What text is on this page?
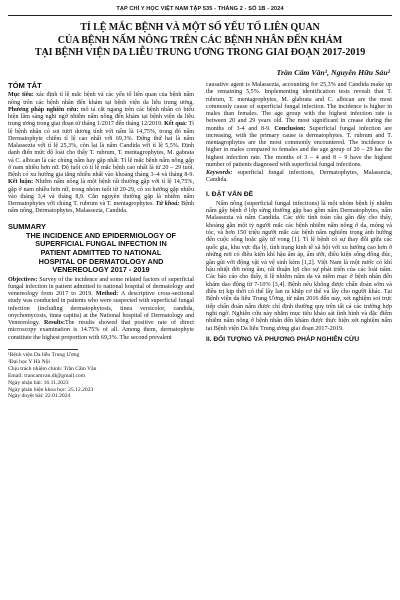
TẠP CHÍ Y HỌC VIỆT NAM TẬP 535 - THÁNG 2 - SỐ 1B - 2024
TỈ LỆ MẮC BỆNH VÀ MỘT SỐ YẾU TỐ LIÊN QUAN
CỦA BỆNH NẤM NÔNG TRÊN CÁC BỆNH NHÂN ĐẾN KHÁM
TẠI BỆNH VIỆN DA LIỄU TRUNG ƯƠNG TRONG GIAI ĐOẠN 2017-2019
Trần Cẩm Vân¹, Nguyễn Hữu Sáu²
TÓM TẮT

Mục tiêu: xác định tỉ lệ mắc bệnh và các yếu tố liên quan của bệnh nấm nông trên các bệnh nhân đến khám tại bệnh viện da liễu trung ương. Phương pháp nghiên cứu: mô tả cắt ngang trên các bệnh nhân có biểu hiện lâm sàng nghi ngờ nhiễm nấm nông đến khám tại bệnh viện da liễu trung ương trong giai đoạn từ tháng 1/2017 đến tháng 12/2019. Kết quả: Tỉ lệ bệnh nhân có soi tươi dương tính với nấm là 14,75%, trong đó nấm Dermatophyte chiếm tỉ lệ cao nhất với 69,3%. Đứng thứ hai là nấm Malassezia với tỉ lệ 25,3%, còn lại là nấm Candida với tỉ lệ 5,5%. Định danh điển mức độ loài cho thấy T. rubrum, T. mentagrophytes, M. gabrata và C. albican là các chủng nấm hay gặp nhất. Tỉ lệ mắc bệnh nấm nông gặp ở nam nhiều hơn nữ. Độ tuổi có tỉ lệ mắc bệnh cao nhất là từ 20 – 29 tuổi. Bệnh có xu hướng gia tăng nhiều nhất vào khoảng tháng 3–4 và tháng 8-9. Kết luận: Nhiễm nấm nông là một bệnh rất thường gặp với tỉ lệ 14,75%, gặp ở nam nhiều hơn nữ, trong nhóm tuổi từ 20-29, có xu hướng gặp nhiều vào tháng 3,4 và tháng 8,9. Căn nguyên thường gặp là nhiễm nấm Dermatophytes với chủng T. rubrum và T. mentagrophytes. Từ khoá: Bệnh nấm nông, Dermatophytes, Malassezia, Candida.

SUMMARY
THE INCIDENCE AND EPIDERMIOLOGY OF
SUPERFICIAL FUNGAL INFECTION IN
PATIENT ADMITTED TO NATIONAL
HOSPITAL OF DERMATOLOGY AND
VENEREOLOGY 2017 - 2019

Objectives: Survey of the incidence and some related factors of superficial fungal infection in patient admitted to national hospital of dermatology and venereology from 2017 to 2019. Method: A descriptive cross-sectional study was conducted in patients who were suspected with superficial fungal infection (including dermatophytosis, tinea versicolor, candida, onychomycosis, tinea capitis) at the National hospital of Dermatology and Venereology. Results:The results showed that positive rate of direct microscopy examination is 14.75% of all. Among them, dermatophyte constitute the highest proportion with 69,3%. The second prevalent

¹Bệnh viện Da liễu Trung Ương
²Đại học Y Hà Nội
Chịu trách nhiệm chính: Trần Cẩm Vân
Email: trancamvan.dl@gmail.com
Ngày nhận bài: 16.11.2023
Ngày phản biện khoa học: 25.12.2023
Ngày duyệt bài: 22.01.2024

causative agent is Malassezia, accounting for 25,3% and Candida make up the remaining 5,5%. Implementing identification tests revealt that T. rubrum, T. mentagrophytes, M. glabrata and C. albican are the most commonly cause of superficial fungal infection. The incidence is higher in males than females. The age group with the highest infection rate is between 20 and 29 years old. The most significant in crease during the months of 3-4 and 8-9. Conclusion: Superficial fungal infection are increasing, with the primary cause is dermatophytes. T. rubrum and T. mentagrophytes are the most commonly encountered. The incidence is higher in males compared to females and the age group of 20 – 29 has the highest infection rate. The months of 3 – 4 and 8 – 9 have the highest number of patients diagnosed with superficial fungal infections.

Keywords: superficial fungal infections, Dermatophytes, Malassezia, Candida.

I. ĐẶT VẤN ĐỀ

Nấm nông (superficial fungal infections) là một nhóm bệnh lý nhiễm nấm gây bệnh ở lớp sừng thường gặp bao gồm nấm Dermatophytes, nấm Malassezia và nấm Candida. Các ước tính toàn cầu gần đây cho thấy, khoảng gần một tỷ người mắc các bệnh nhiễm nấm nông ở da, móng và tóc, và hơn 150 triệu người mắc các bệnh nấm nghiêm trọng ảnh hưởng đến cuộc sống hoặc gây tử vong [1]. Tỉ lệ bệnh có sự thay đổi giữa các quốc gia, khu vực địa lý, tình trạng kinh tế xã hội với xu hướng cao hơn ở những nơi có điều kiện khí hậu ẩm áp, ẩm ướt, điều kiện sống đông đúc, gần gũi với động vật và vệ sinh kém [1,2]. Việt Nam là một nước có khí hậu nhiệt đới nóng ẩm, rất thuận lợi cho sự phát triển của các loài nấm. Các báo cáo cho thấy, tỉ lệ nhiễm nấm da và niêm mạc ở bệnh nhân đến khám dao động từ 7-10% [3,4]. Bệnh nếu không được chẩn đoán sớm và điều trị kịp thời có thể lây lan ra khắp cơ thể và lây cho người khác. Tại Bệnh viện da liễu Trung Ương, từ năm 2016 đến nay, xét nghiệm soi trực tiếp chẩn đoán nấm được chỉ định thường quy trên tất cả các trường hợp nghi ngờ. Nghiên cứu này nhằm mục tiêu khảo sát tình hình và đặc điểm nhiễm nấm nông ở bệnh nhân đến khám được thực hiện xét nghiệm nấm tại Bệnh viện Da liễu Trung ương giai đoạn 2017-2019.

II. ĐỐI TƯỢNG VÀ PHƯƠNG PHÁP NGHIÊN CỨU
